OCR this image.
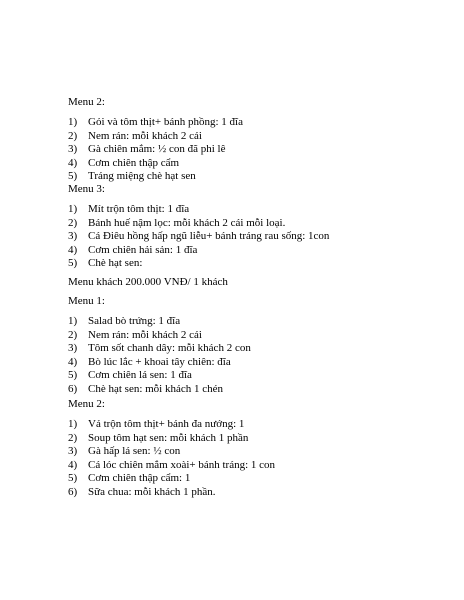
Menu 2:

1) Gỏi và tôm thịt+ bánh phồng: 1 đĩa
2) Nem rán: mỗi khách 2 cái
3) Gà chiên mắm: ½ con đã phi lê
4) Cơm chiên thập cẩm
5) Tráng miệng chè hạt sen

Menu 3:

1) Mít trộn tôm thịt: 1 đĩa
2) Bánh huế nậm lọc: mỗi khách 2 cái mỗi loại.
3) Cá Điêu hồng hấp ngũ liễu+ bánh tráng rau sống: 1con
4) Cơm chiên hải sản: 1 đĩa
5) Chè hạt sen:
Menu khách 200.000 VNĐ/ 1 khách

Menu 1:

1) Salad bò trứng: 1 đĩa
2) Nem rán: mỗi khách 2 cái
3) Tôm sốt chanh dây: mỗi khách 2 con
4) Bò lúc lắc + khoai tây chiên: đĩa
5) Cơm chiên lá sen: 1 đĩa
6) Chè hạt sen: mỗi khách 1 chén

Menu 2:

1) Vả trộn tôm thịt+ bánh đa nướng: 1
2) Soup tôm hạt sen: mỗi khách 1 phần
3) Gà hấp lá sen: ½ con
4) Cá lóc chiên mắm xoài+ bánh tráng: 1 con
5) Cơm chiên thập cẩm: 1
6) Sữa chua: mỗi khách 1 phần.
